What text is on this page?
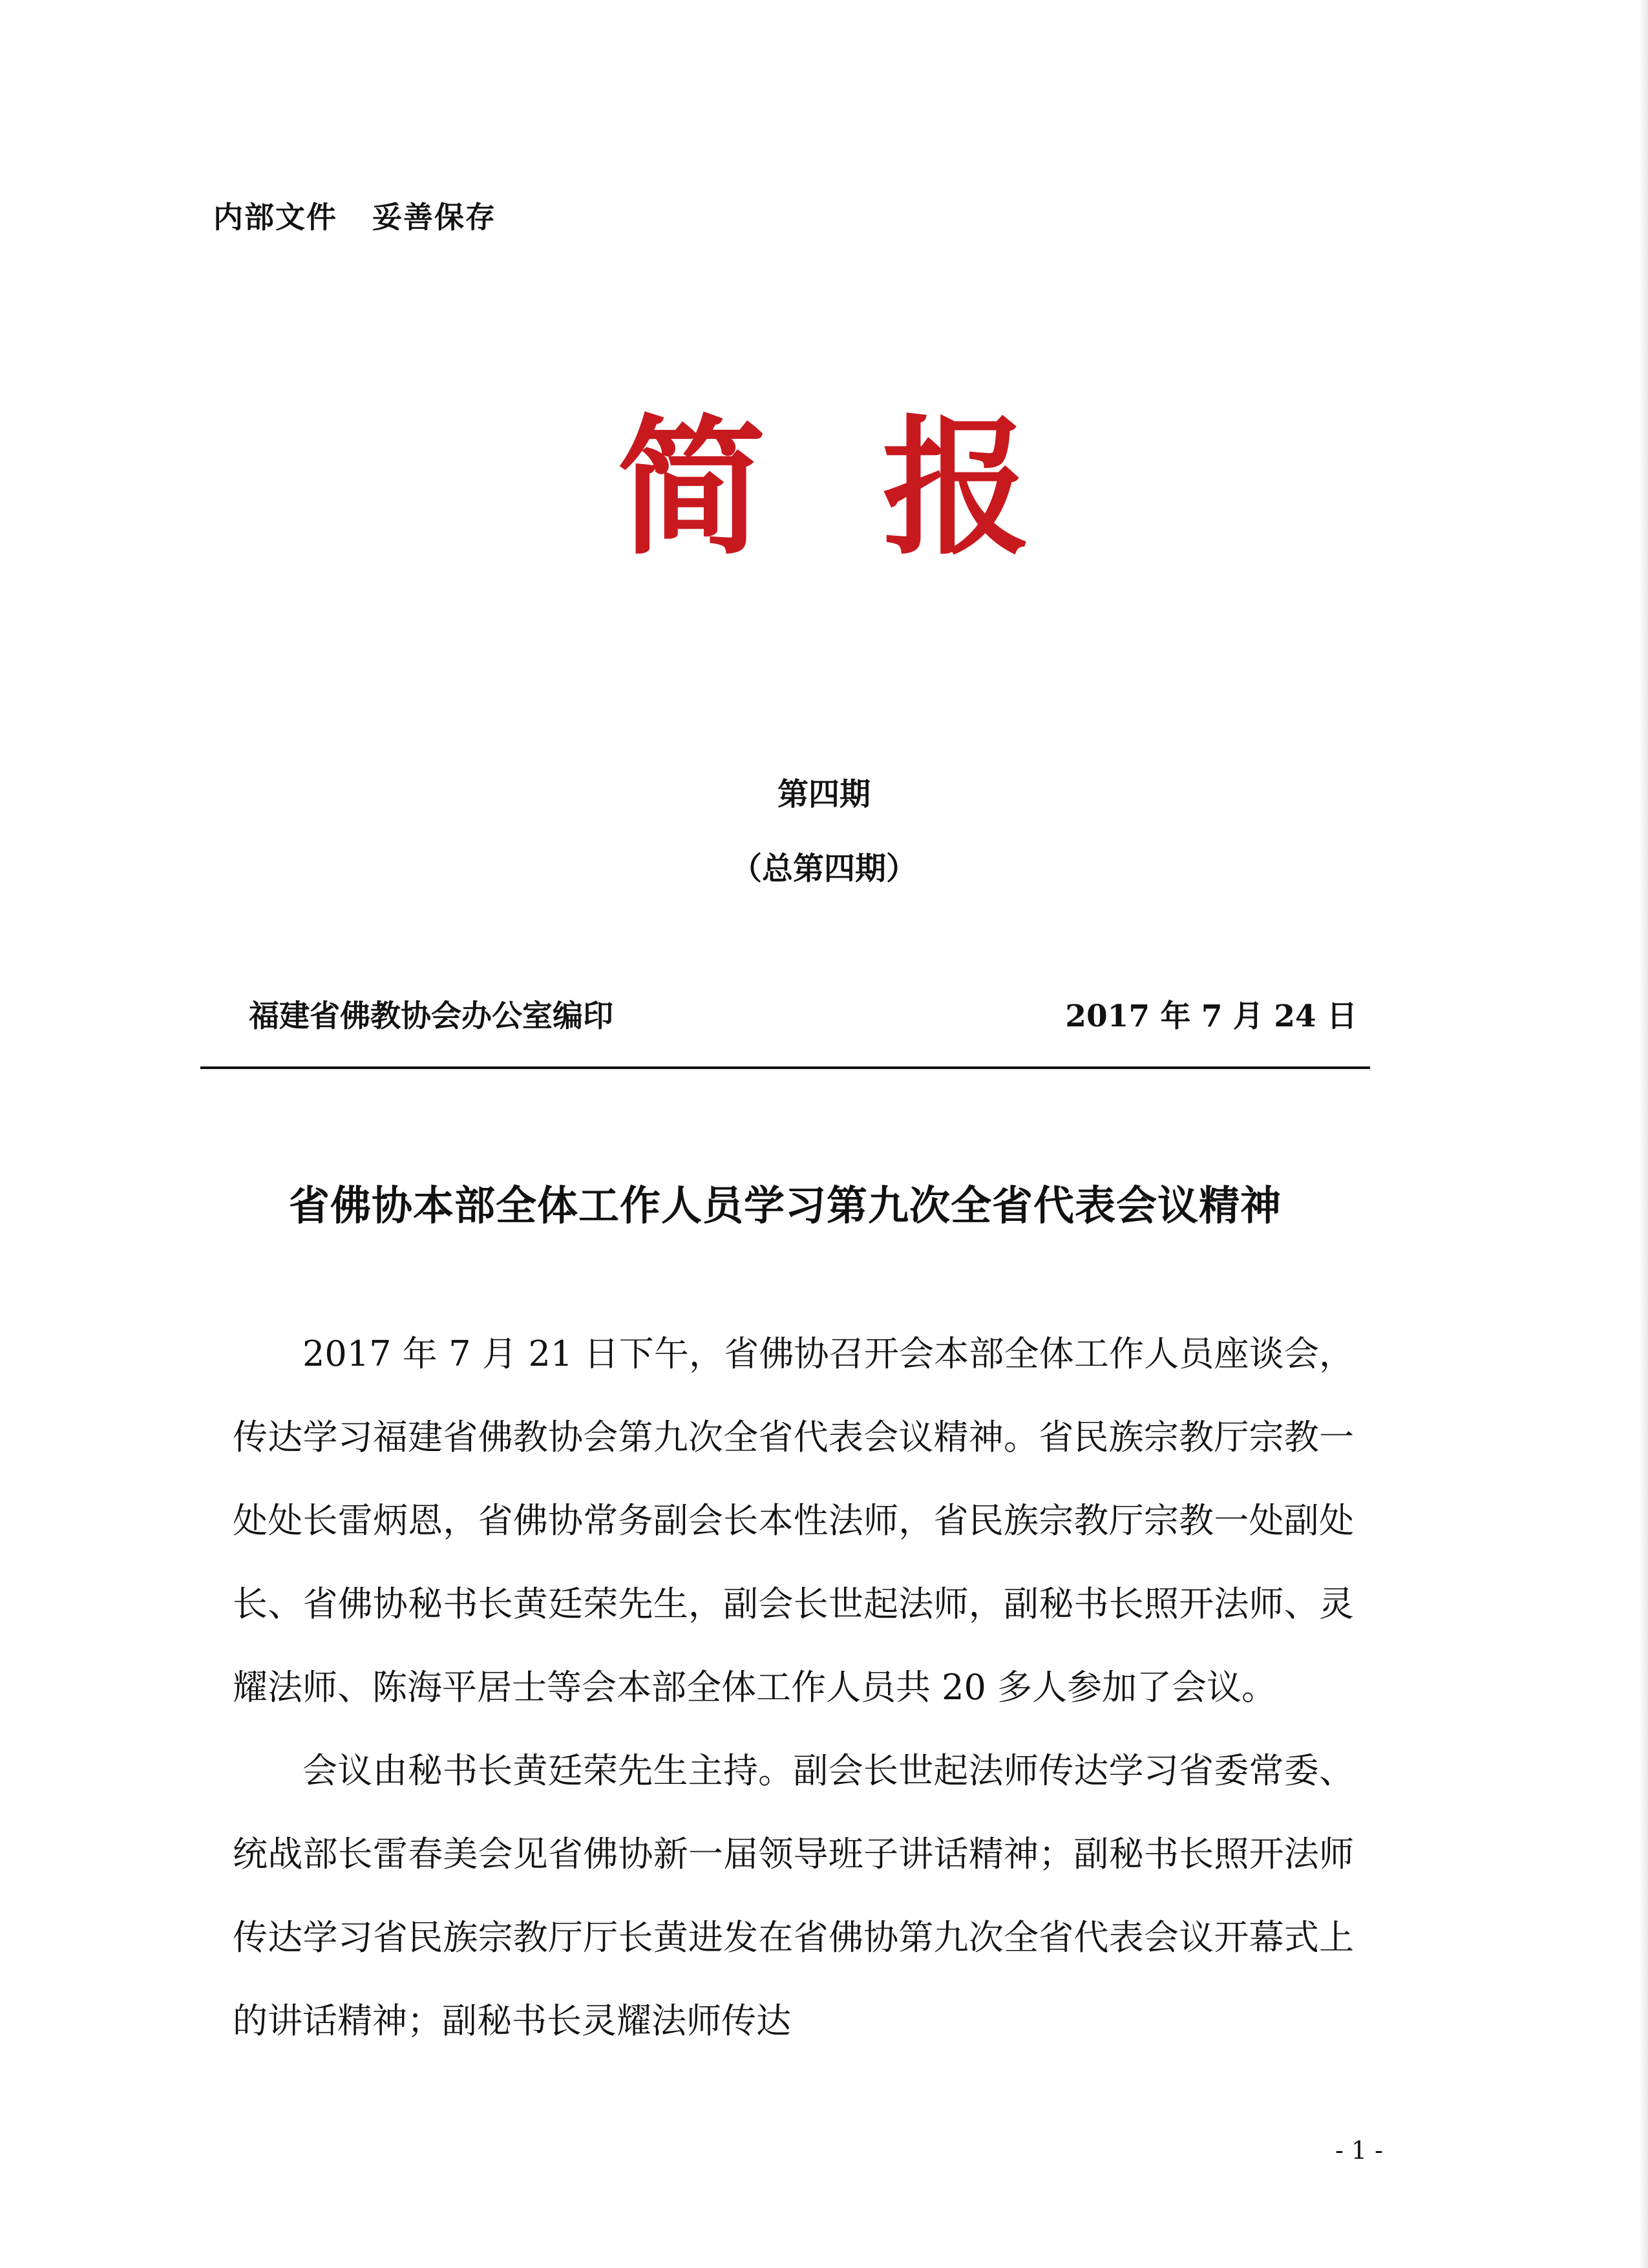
内部文件   妥善保存
简报
第四期
（总第四期）
福建省佛教协会办公室编印	2017 年 7 月 24 日
省佛协本部全体工作人员学习第九次全省代表会议精神

2017 年 7 月 21 日下午，省佛协召开会本部全体工作人员座谈会，传达学习福建省佛教协会第九次全省代表会议精神。省民族宗教厅宗教一处处长雷炳恩，省佛协常务副会长本性法师，省民族宗教厅宗教一处副处长、省佛协秘书长黄廷荣先生，副会长世起法师，副秘书长照开法师、灵耀法师、陈海平居士等会本部全体工作人员共 20 多人参加了会议。

会议由秘书长黄廷荣先生主持。副会长世起法师传达学习省委常委、统战部长雷春美会见省佛协新一届领导班子讲话精神；副秘书长照开法师传达学习省民族宗教厅厅长黄进发在省佛协第九次全省代表会议开幕式上的讲话精神；副秘书长灵耀法师传达

- 1 -
